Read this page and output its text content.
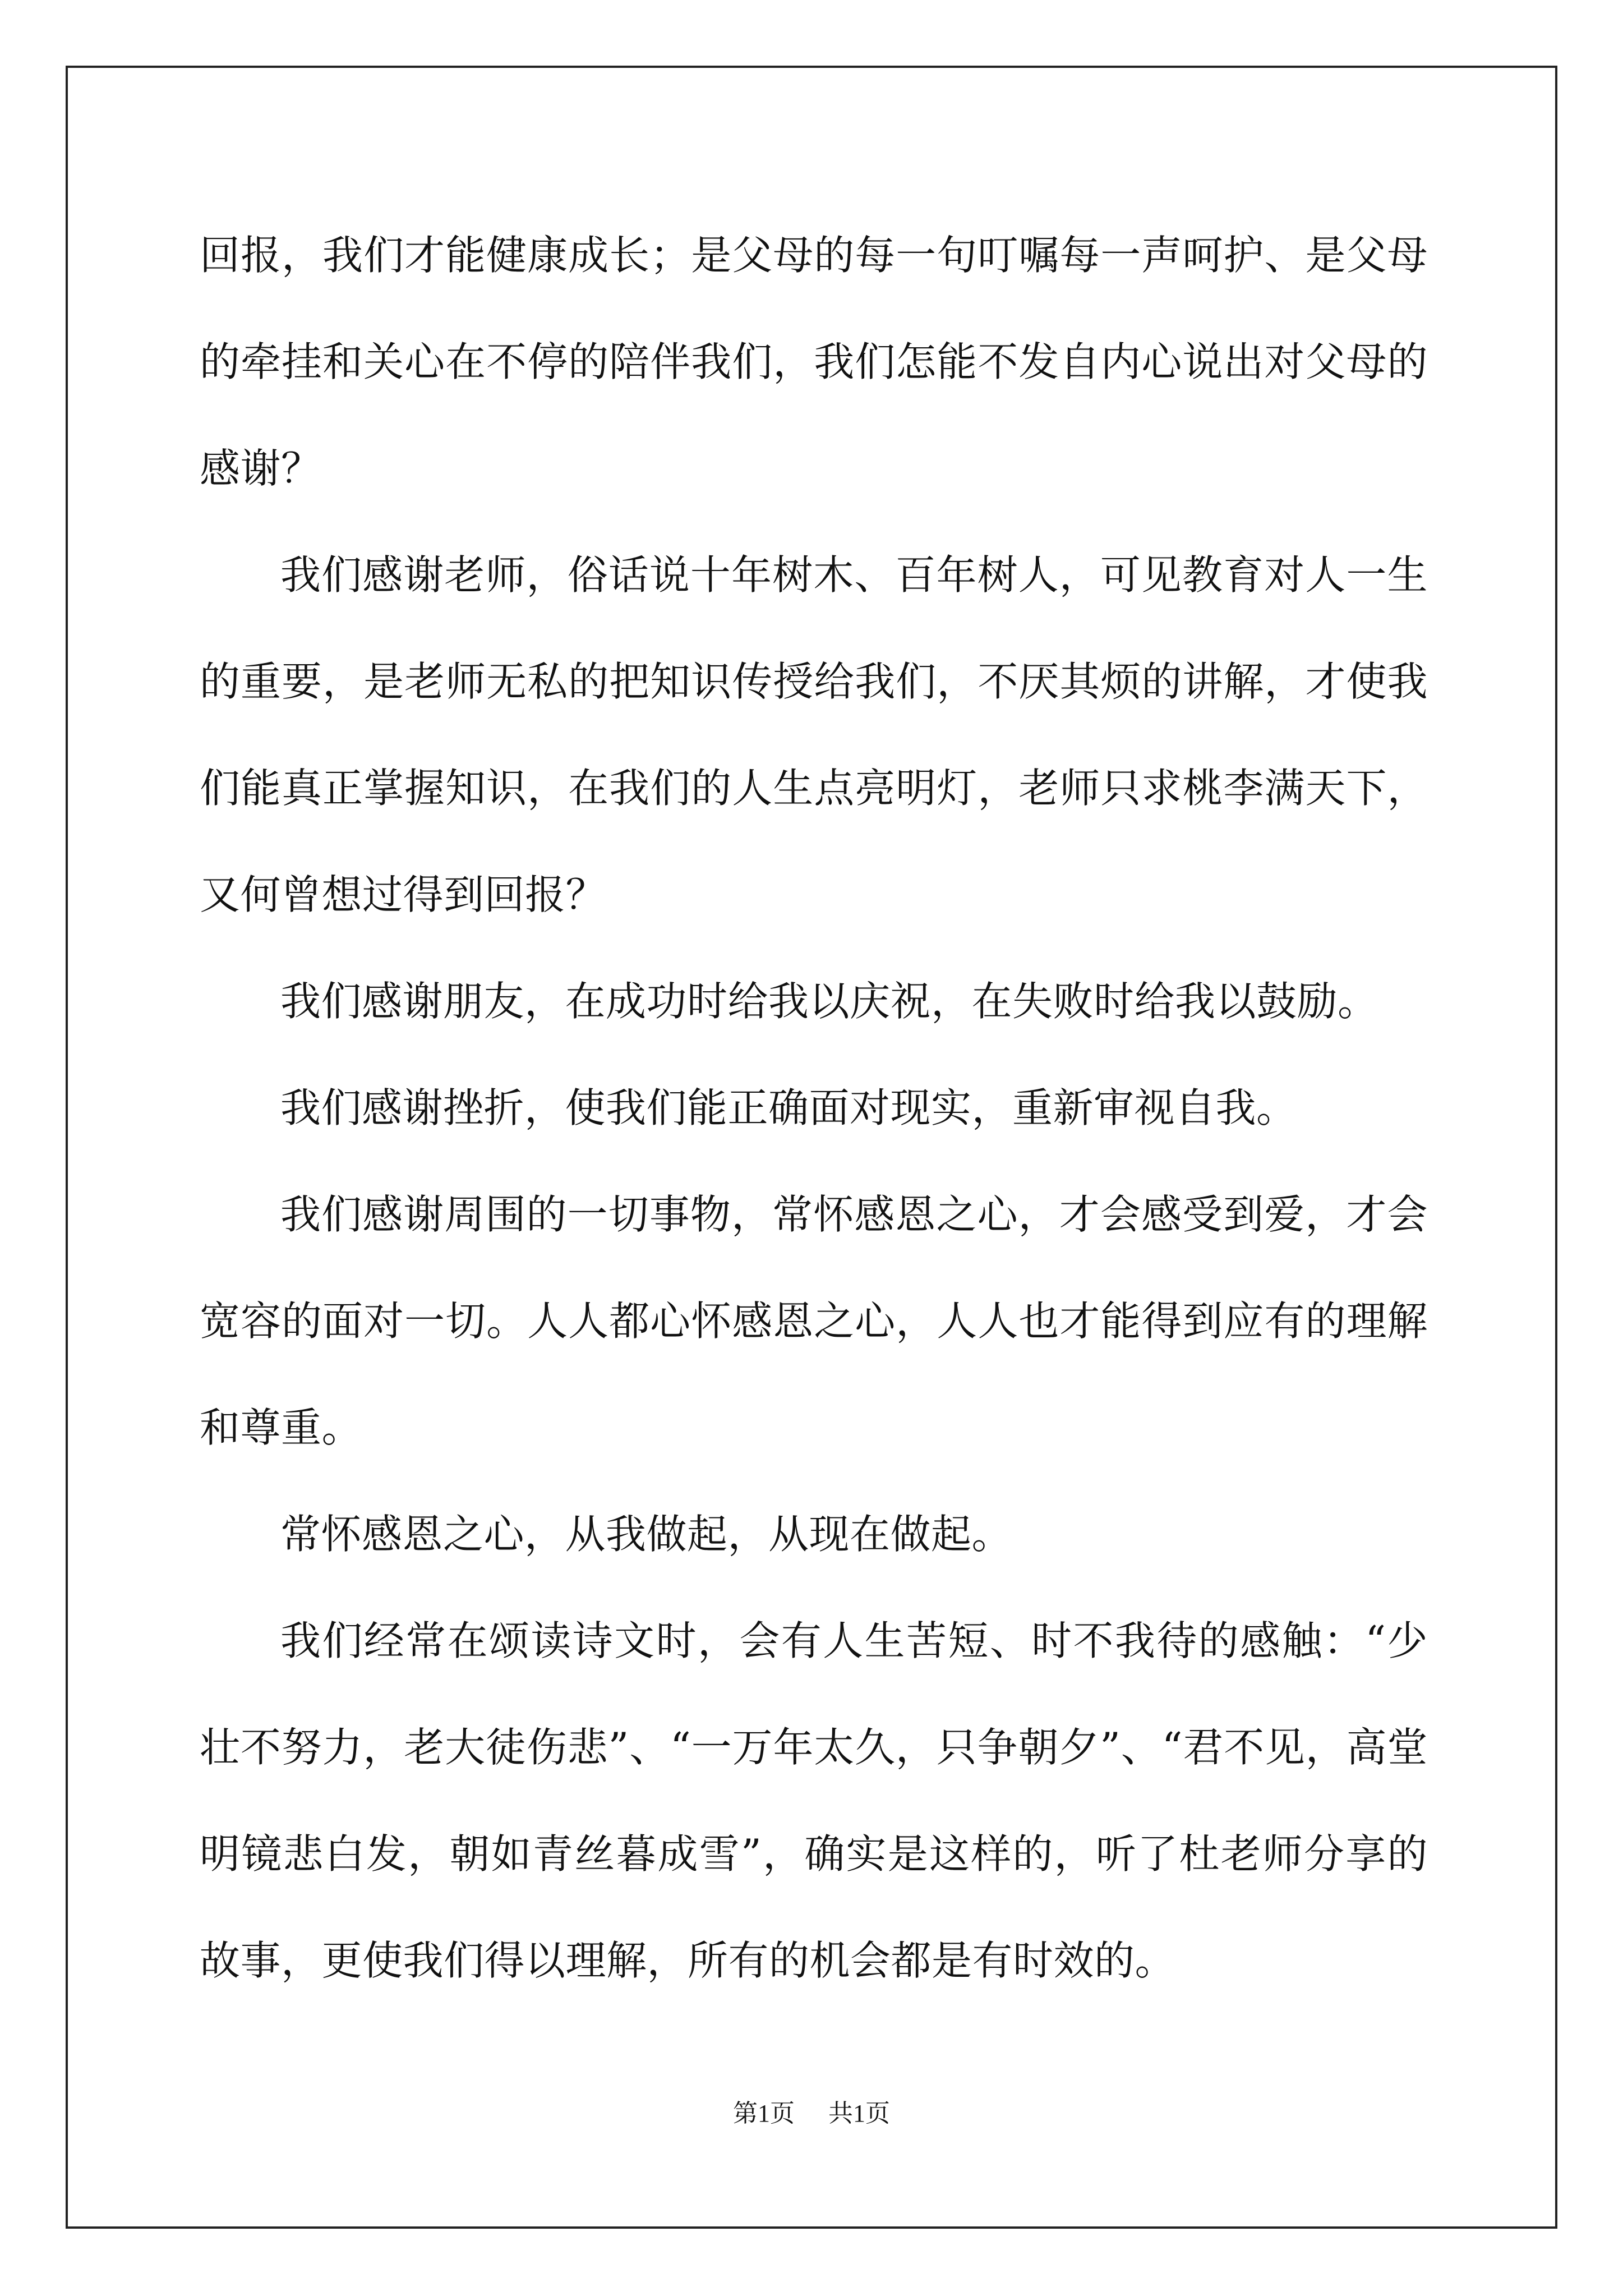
回报，我们才能健康成长；是父母的每一句叮嘱每一声呵护、是父母的牵挂和关心在不停的陪伴我们，我们怎能不发自内心说出对父母的感谢？

我们感谢老师，俗话说十年树木、百年树人，可见教育对人一生的重要，是老师无私的把知识传授给我们，不厌其烦的讲解，才使我们能真正掌握知识，在我们的人生点亮明灯，老师只求桃李满天下，又何曾想过得到回报？

我们感谢朋友，在成功时给我以庆祝，在失败时给我以鼓励。

我们感谢挫折，使我们能正确面对现实，重新审视自我。

我们感谢周围的一切事物，常怀感恩之心，才会感受到爱，才会宽容的面对一切。人人都心怀感恩之心，人人也才能得到应有的理解和尊重。

常怀感恩之心，从我做起，从现在做起。

我们经常在颂读诗文时，会有人生苦短、时不我待的感触：“少壮不努力，老大徒伤悲”、“一万年太久，只争朝夕”、“君不见，高堂明镜悲白发，朝如青丝暮成雪”，确实是这样的，听了杜老师分享的故事，更使我们得以理解，所有的机会都是有时效的。

第1页 共1页
